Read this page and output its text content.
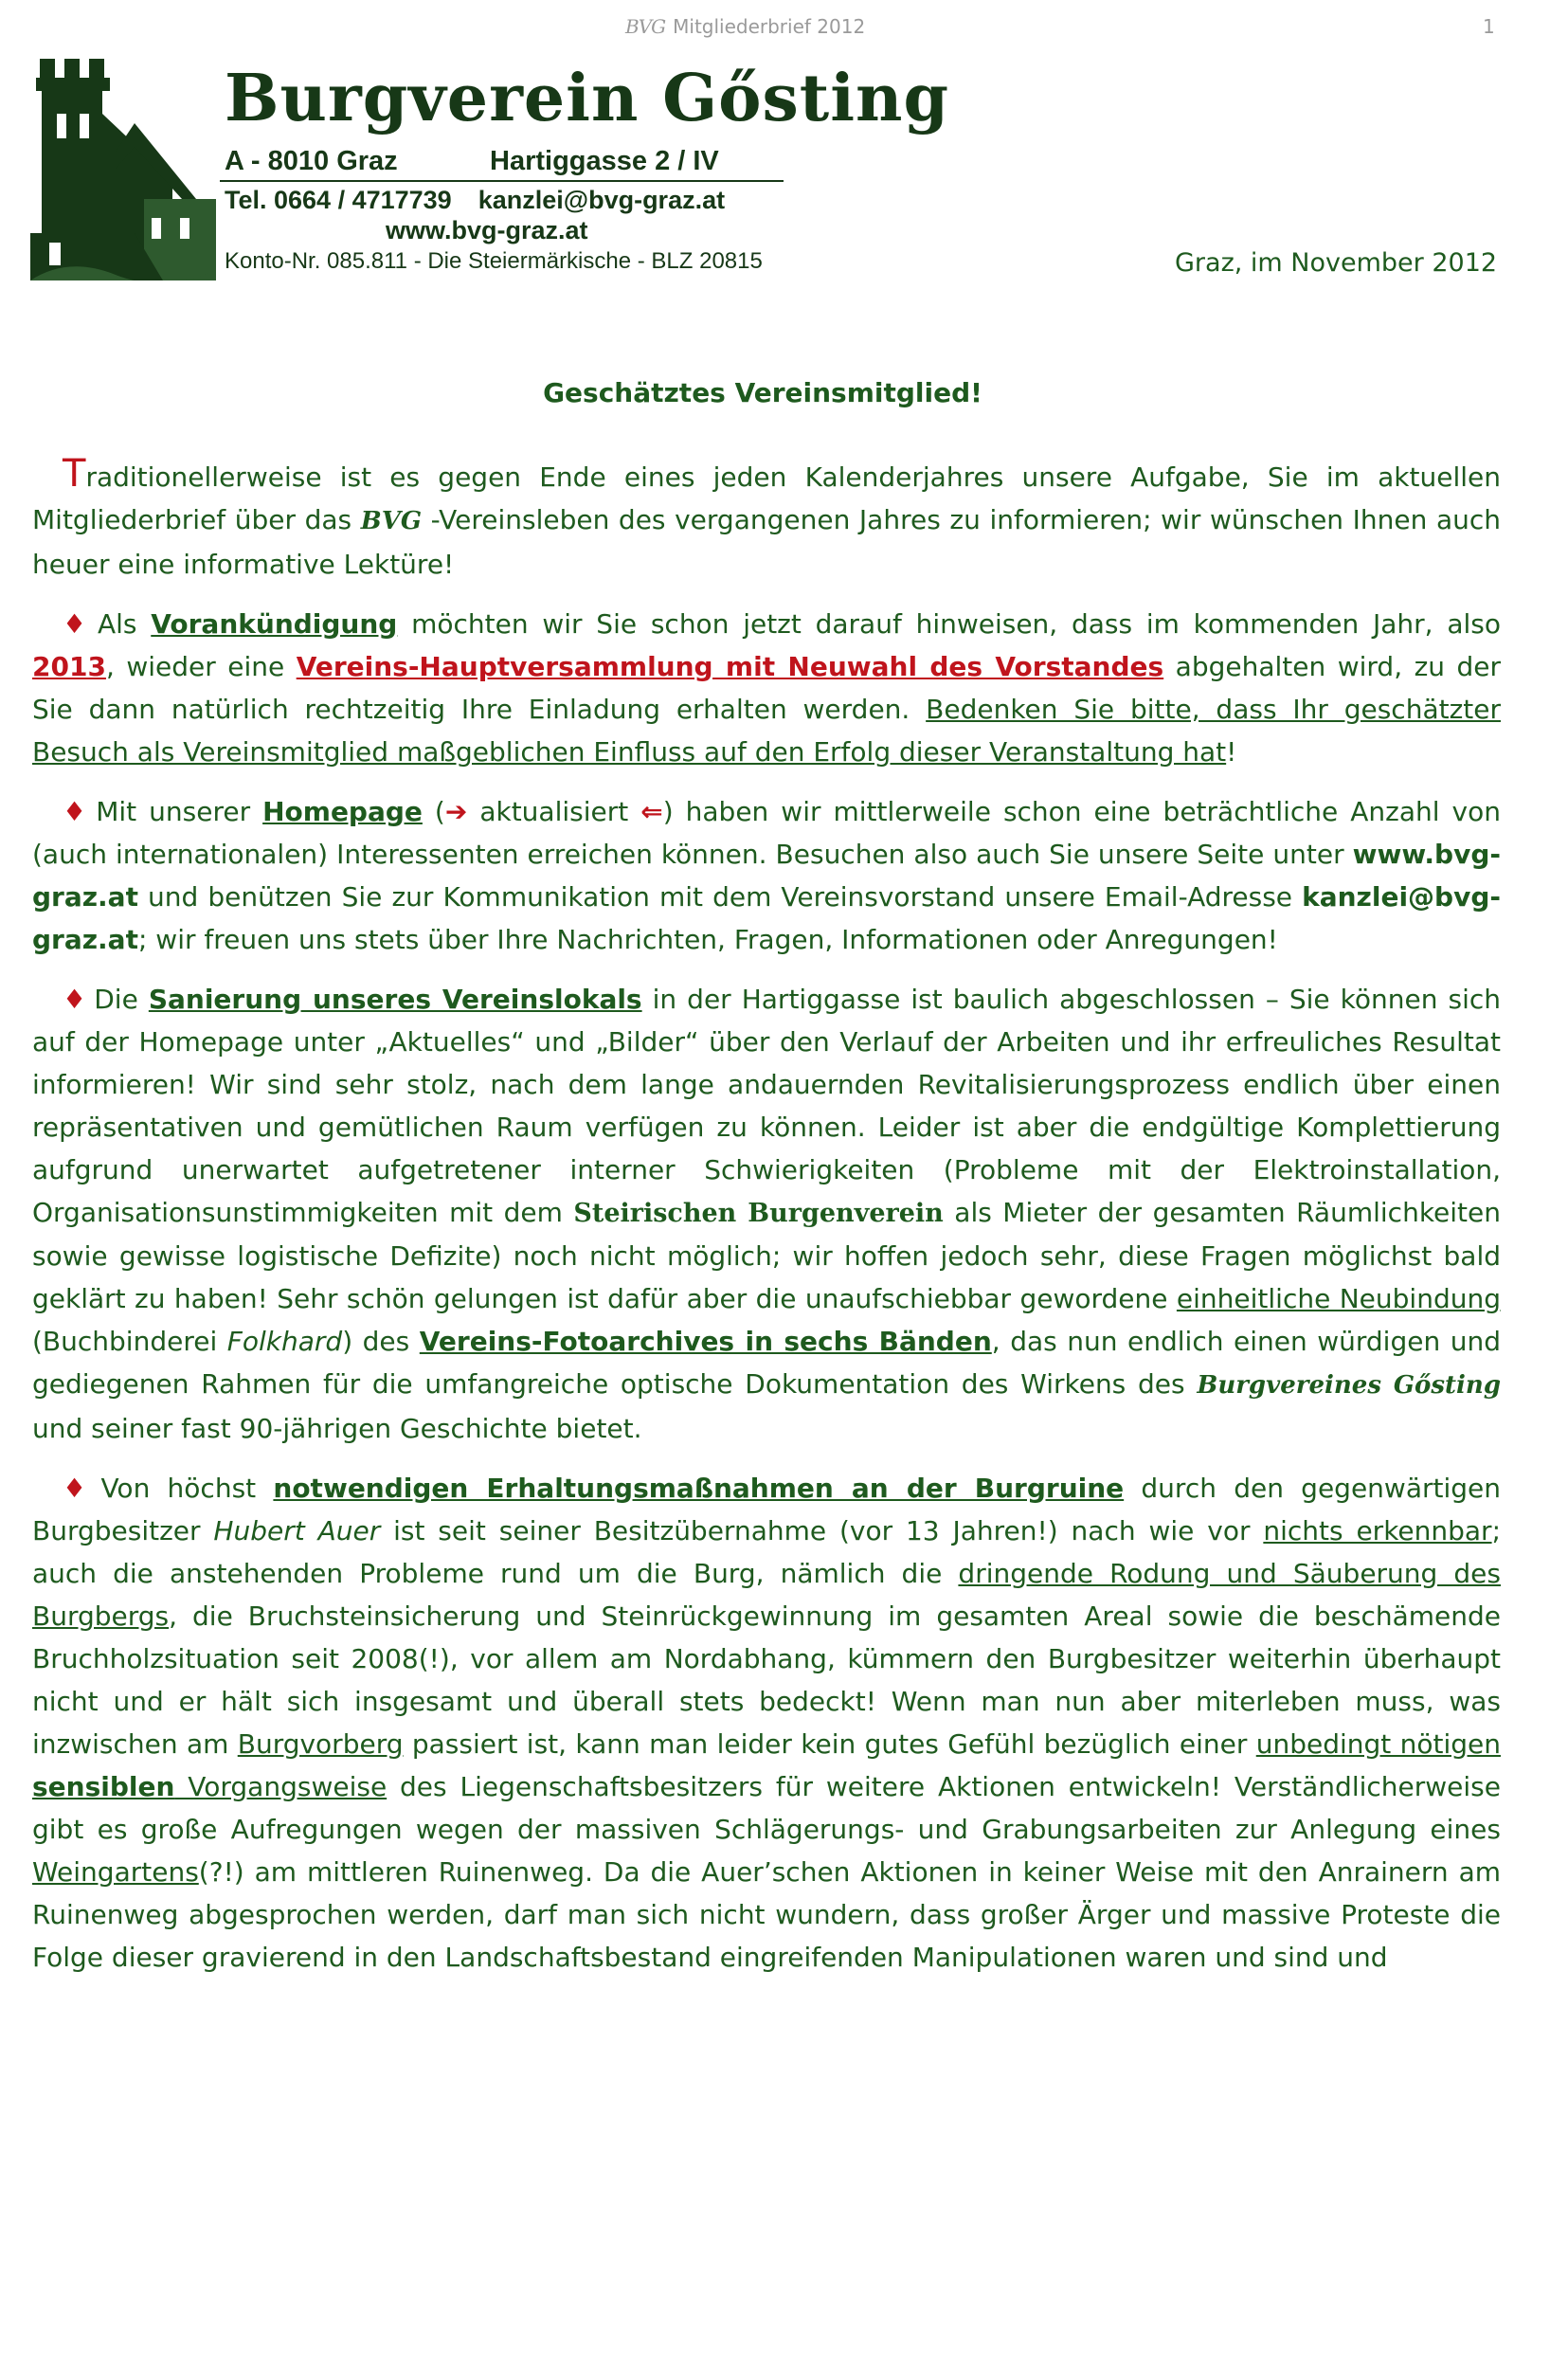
BVG Mitgliederbrief 2012	1
Burgverein Gősting
A - 8010 Graz	Hartiggasse 2 / IV
Tel. 0664 / 4717739 kanzlei@bvg-graz.at
www.bvg-graz.at
Konto-Nr. 085.811 - Die Steiermärkische - BLZ 20815	Graz, im November 2012
Geschätztes Vereinsmitglied!

Traditionellerweise ist es gegen Ende eines jeden Kalenderjahres unsere Aufgabe, Sie im aktuellen Mitgliederbrief über das BVG -Vereinsleben des vergangenen Jahres zu informieren; wir wünschen Ihnen auch heuer eine informative Lektüre!

♦ Als Vorankündigung möchten wir Sie schon jetzt darauf hinweisen, dass im kommenden Jahr, also 2013, wieder eine Vereins-Hauptversammlung mit Neuwahl des Vorstandes abgehalten wird, zu der Sie dann natürlich rechtzeitig Ihre Einladung erhalten werden. Bedenken Sie bitte, dass Ihr geschätzter Besuch als Vereinsmitglied maßgeblichen Einfluss auf den Erfolg dieser Veranstaltung hat!

♦ Mit unserer Homepage (➔ aktualisiert ⇐) haben wir mittlerweile schon eine beträchtliche Anzahl von (auch internationalen) Interessenten erreichen können. Besuchen also auch Sie unsere Seite unter www.bvg-graz.at und benützen Sie zur Kommunikation mit dem Vereinsvorstand unsere Email-Adresse kanzlei@bvg-graz.at; wir freuen uns stets über Ihre Nachrichten, Fragen, Informationen oder Anregungen!

♦ Die Sanierung unseres Vereinslokals in der Hartiggasse ist baulich abgeschlossen – Sie können sich auf der Homepage unter „Aktuelles“ und „Bilder“ über den Verlauf der Arbeiten und ihr erfreuliches Resultat informieren! Wir sind sehr stolz, nach dem lange andauernden Revitalisierungsprozess endlich über einen repräsentativen und gemütlichen Raum verfügen zu können. Leider ist aber die endgültige Komplettierung aufgrund unerwartet aufgetretener interner Schwierigkeiten (Probleme mit der Elektroinstallation, Organisationsunstimmigkeiten mit dem Steirischen Burgenverein als Mieter der gesamten Räumlichkeiten sowie gewisse logistische Defizite) noch nicht möglich; wir hoffen jedoch sehr, diese Fragen möglichst bald geklärt zu haben! Sehr schön gelungen ist dafür aber die unaufschiebbar gewordene einheitliche Neubindung (Buchbinderei Folkhard) des Vereins-Fotoarchives in sechs Bänden, das nun endlich einen würdigen und gediegenen Rahmen für die umfangreiche optische Dokumentation des Wirkens des Burgvereines Gősting und seiner fast 90-jährigen Geschichte bietet.

♦ Von höchst notwendigen Erhaltungsmaßnahmen an der Burgruine durch den gegenwärtigen Burgbesitzer Hubert Auer ist seit seiner Besitzübernahme (vor 13 Jahren!) nach wie vor nichts erkennbar; auch die anstehenden Probleme rund um die Burg, nämlich die dringende Rodung und Säuberung des Burgbergs, die Bruchsteinsicherung und Steinrückgewinnung im gesamten Areal sowie die beschämende Bruchholzsituation seit 2008(!), vor allem am Nordabhang, kümmern den Burgbesitzer weiterhin überhaupt nicht und er hält sich insgesamt und überall stets bedeckt! Wenn man nun aber miterleben muss, was inzwischen am Burgvorberg passiert ist, kann man leider kein gutes Gefühl bezüglich einer unbedingt nötigen sensiblen Vorgangsweise des Liegenschaftsbesitzers für weitere Aktionen entwickeln! Verständlicherweise gibt es große Aufregungen wegen der massiven Schlägerungs- und Grabungsarbeiten zur Anlegung eines Weingartens(?!) am mittleren Ruinenweg. Da die Auer’schen Aktionen in keiner Weise mit den Anrainern am Ruinenweg abgesprochen werden, darf man sich nicht wundern, dass großer Ärger und massive Proteste die Folge dieser gravierend in den Landschaftsbestand eingreifenden Manipulationen waren und sind und
